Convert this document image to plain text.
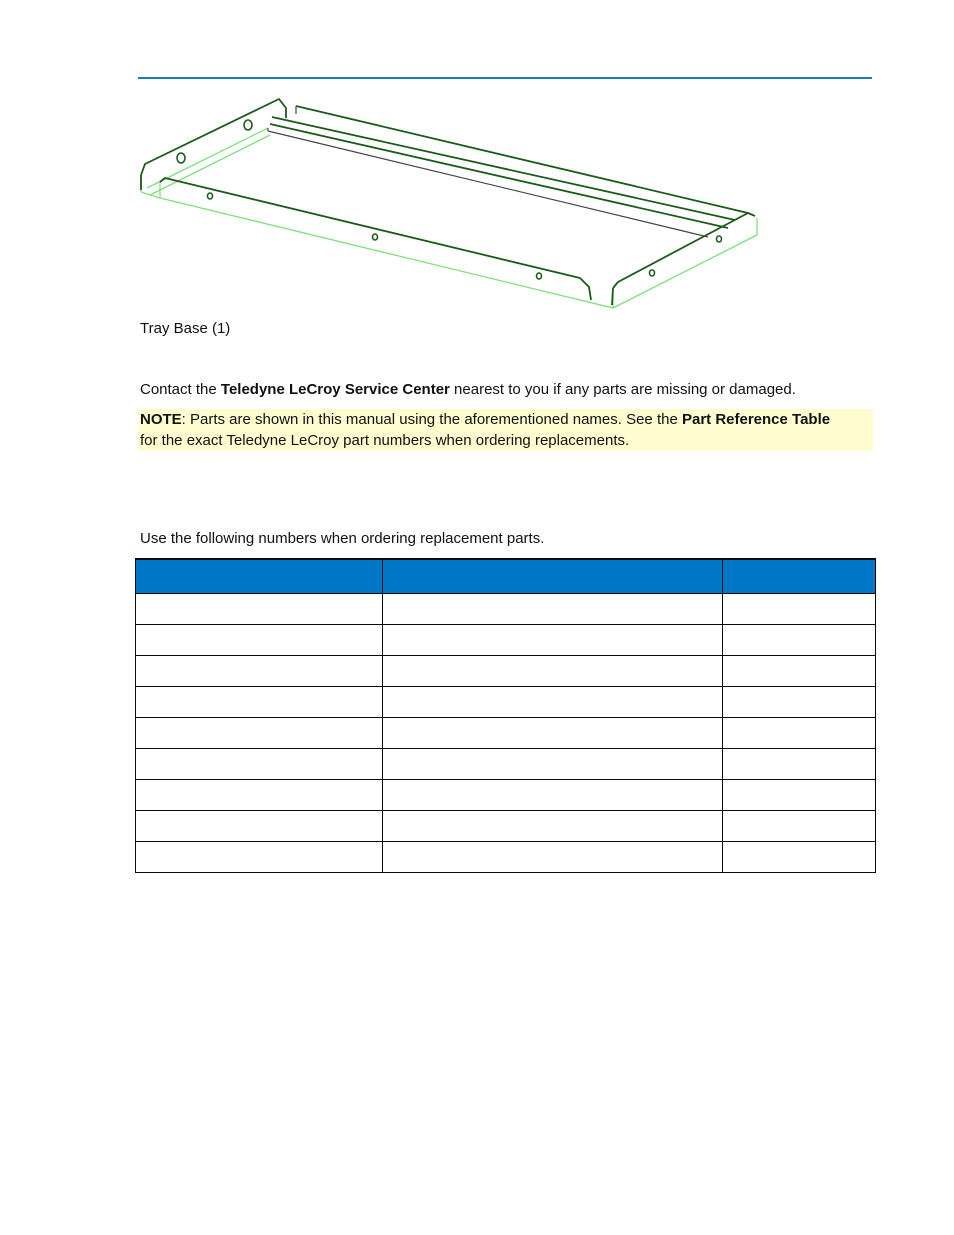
Tray Base (1)
Contact the Teledyne LeCroy Service Center nearest to you if any parts are missing or damaged.
NOTE: Parts are shown in this manual using the aforementioned names. See the Part Reference Table
for the exact Teledyne LeCroy part numbers when ordering replacements.
Use the following numbers when ordering replacement parts.
